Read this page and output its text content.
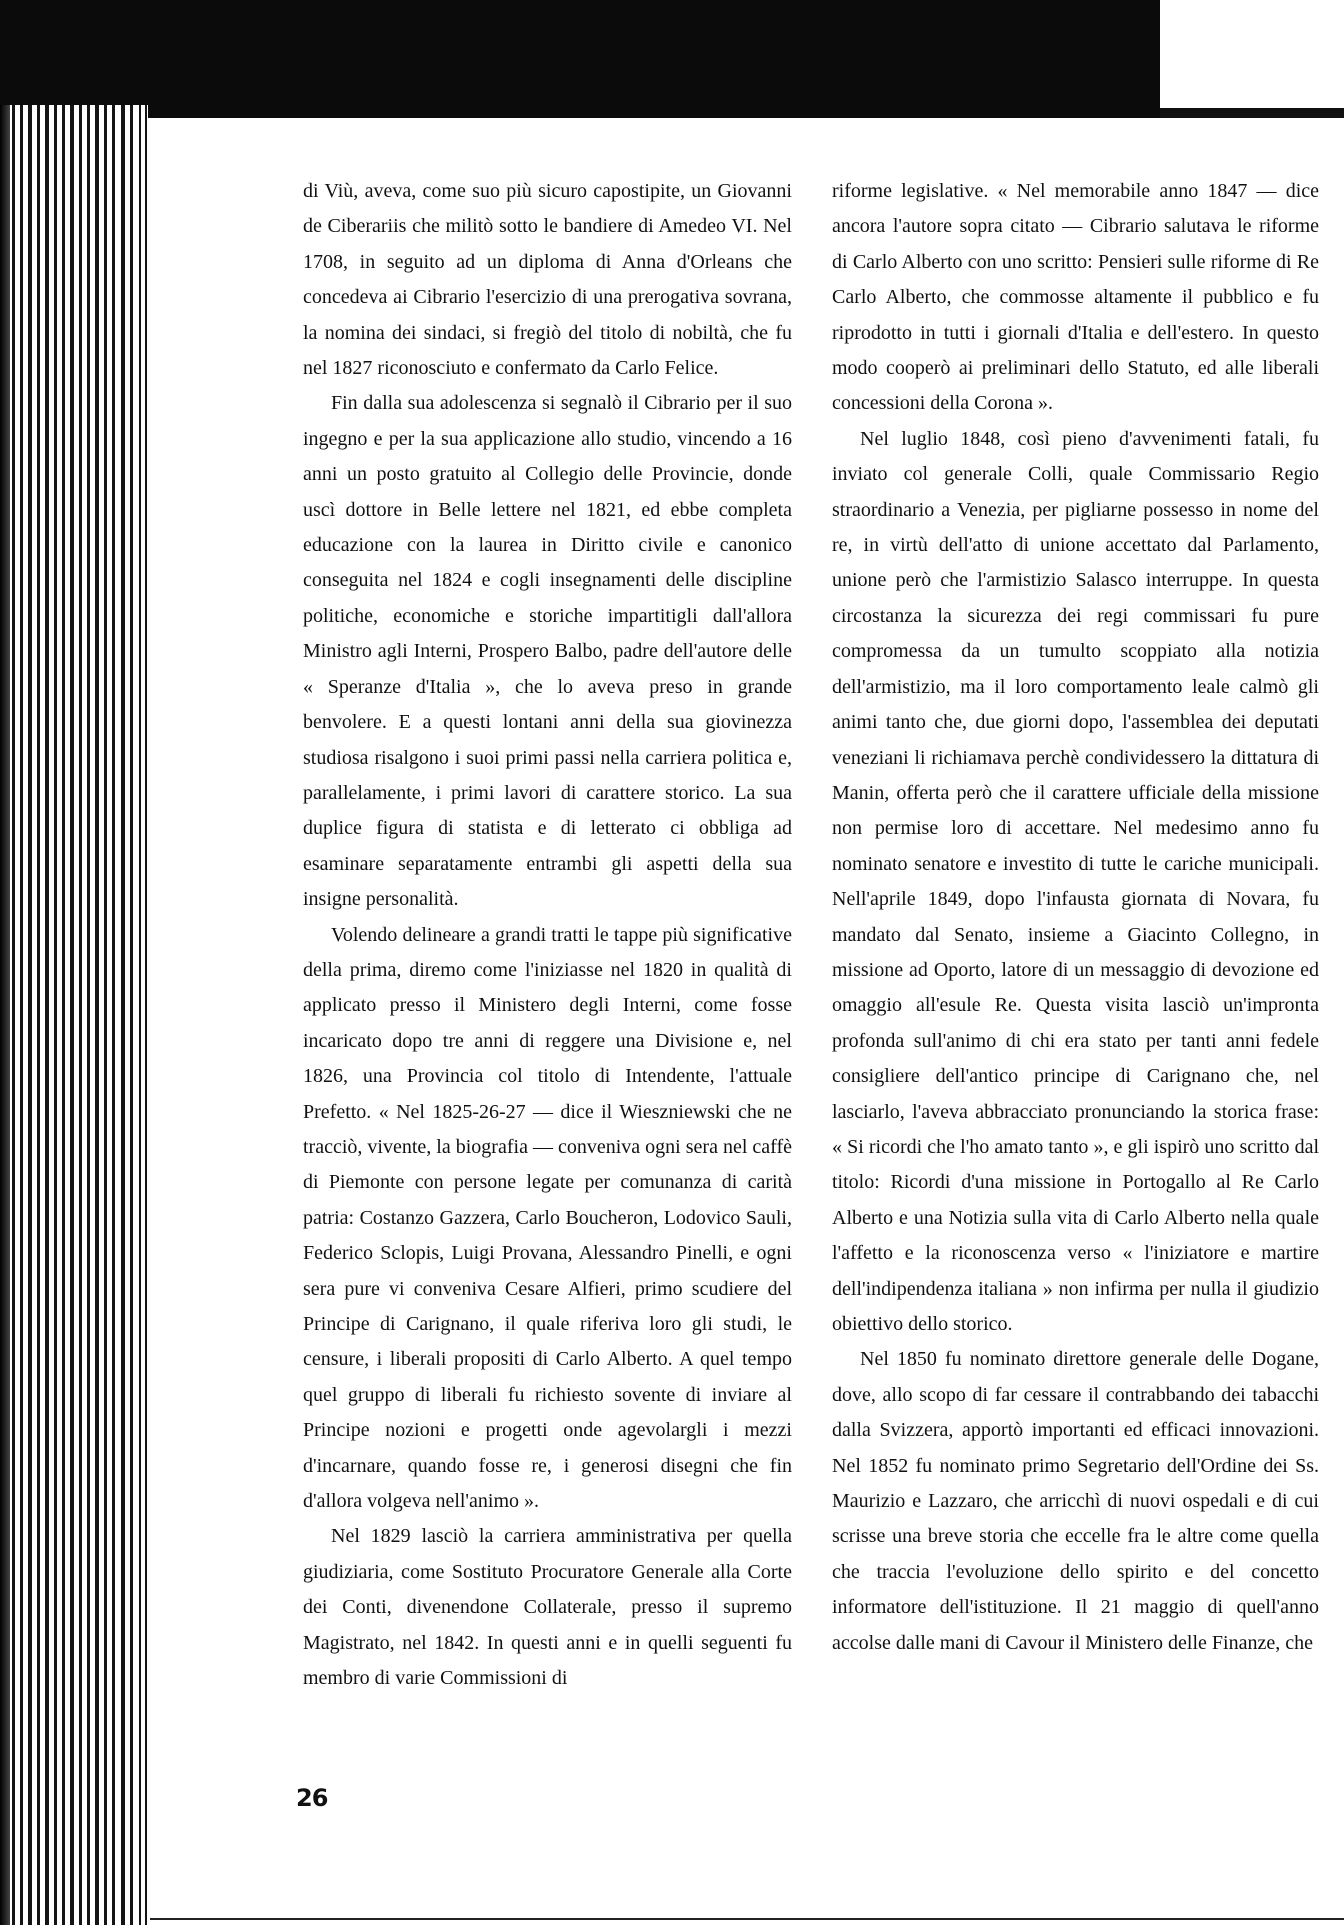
di Viù, aveva, come suo più sicuro capostipite, un Giovanni de Ciberariis che militò sotto le bandiere di Amedeo VI. Nel 1708, in seguito ad un diploma di Anna d'Orleans che concedeva ai Cibrario l'esercizio di una prerogativa sovrana, la nomina dei sindaci, si fregiò del titolo di nobiltà, che fu nel 1827 riconosciuto e confermato da Carlo Felice.

Fin dalla sua adolescenza si segnalò il Cibrario per il suo ingegno e per la sua applicazione allo studio, vincendo a 16 anni un posto gratuito al Collegio delle Provincie, donde uscì dottore in Belle lettere nel 1821, ed ebbe completa educazione con la laurea in Diritto civile e canonico conseguita nel 1824 e cogli insegnamenti delle discipline politiche, economiche e storiche impartitigli dall'allora Ministro agli Interni, Prospero Balbo, padre dell'autore delle « Speranze d'Italia », che lo aveva preso in grande benvolere. E a questi lontani anni della sua giovinezza studiosa risalgono i suoi primi passi nella carriera politica e, parallelamente, i primi lavori di carattere storico. La sua duplice figura di statista e di letterato ci obbliga ad esaminare separatamente entrambi gli aspetti della sua insigne personalità.

Volendo delineare a grandi tratti le tappe più significative della prima, diremo come l'iniziasse nel 1820 in qualità di applicato presso il Ministero degli Interni, come fosse incaricato dopo tre anni di reggere una Divisione e, nel 1826, una Provincia col titolo di Intendente, l'attuale Prefetto. « Nel 1825-26-27 — dice il Wieszniewski che ne tracciò, vivente, la biografia — conveniva ogni sera nel caffè di Piemonte con persone legate per comunanza di carità patria: Costanzo Gazzera, Carlo Boucheron, Lodovico Sauli, Federico Sclopis, Luigi Provana, Alessandro Pinelli, e ogni sera pure vi conveniva Cesare Alfieri, primo scudiere del Principe di Carignano, il quale riferiva loro gli studi, le censure, i liberali propositi di Carlo Alberto. A quel tempo quel gruppo di liberali fu richiesto sovente di inviare al Principe nozioni e progetti onde agevolargli i mezzi d'incarnare, quando fosse re, i generosi disegni che fin d'allora volgeva nell'animo ».

Nel 1829 lasciò la carriera amministrativa per quella giudiziaria, come Sostituto Procuratore Generale alla Corte dei Conti, divenendone Collaterale, presso il supremo Magistrato, nel 1842. In questi anni e in quelli seguenti fu membro di varie Commissioni di

riforme legislative. « Nel memorabile anno 1847 — dice ancora l'autore sopra citato — Cibrario salutava le riforme di Carlo Alberto con uno scritto: Pensieri sulle riforme di Re Carlo Alberto, che commosse altamente il pubblico e fu riprodotto in tutti i giornali d'Italia e dell'estero. In questo modo cooperò ai preliminari dello Statuto, ed alle liberali concessioni della Corona ».

Nel luglio 1848, così pieno d'avvenimenti fatali, fu inviato col generale Colli, quale Commissario Regio straordinario a Venezia, per pigliarne possesso in nome del re, in virtù dell'atto di unione accettato dal Parlamento, unione però che l'armistizio Salasco interruppe. In questa circostanza la sicurezza dei regi commissari fu pure compromessa da un tumulto scoppiato alla notizia dell'armistizio, ma il loro comportamento leale calmò gli animi tanto che, due giorni dopo, l'assemblea dei deputati veneziani li richiamava perchè condividessero la dittatura di Manin, offerta però che il carattere ufficiale della missione non permise loro di accettare. Nel medesimo anno fu nominato senatore e investito di tutte le cariche municipali. Nell'aprile 1849, dopo l'infausta giornata di Novara, fu mandato dal Senato, insieme a Giacinto Collegno, in missione ad Oporto, latore di un messaggio di devozione ed omaggio all'esule Re. Questa visita lasciò un'impronta profonda sull'animo di chi era stato per tanti anni fedele consigliere dell'antico principe di Carignano che, nel lasciarlo, l'aveva abbracciato pronunciando la storica frase: « Si ricordi che l'ho amato tanto », e gli ispirò uno scritto dal titolo: Ricordi d'una missione in Portogallo al Re Carlo Alberto e una Notizia sulla vita di Carlo Alberto nella quale l'affetto e la riconoscenza verso « l'iniziatore e martire dell'indipendenza italiana » non infirma per nulla il giudizio obiettivo dello storico.

Nel 1850 fu nominato direttore generale delle Dogane, dove, allo scopo di far cessare il contrabbando dei tabacchi dalla Svizzera, apportò importanti ed efficaci innovazioni. Nel 1852 fu nominato primo Segretario dell'Ordine dei Ss. Maurizio e Lazzaro, che arricchì di nuovi ospedali e di cui scrisse una breve storia che eccelle fra le altre come quella che traccia l'evoluzione dello spirito e del concetto informatore dell'istituzione. Il 21 maggio di quell'anno accolse dalle mani di Cavour il Ministero delle Finanze, che

26
